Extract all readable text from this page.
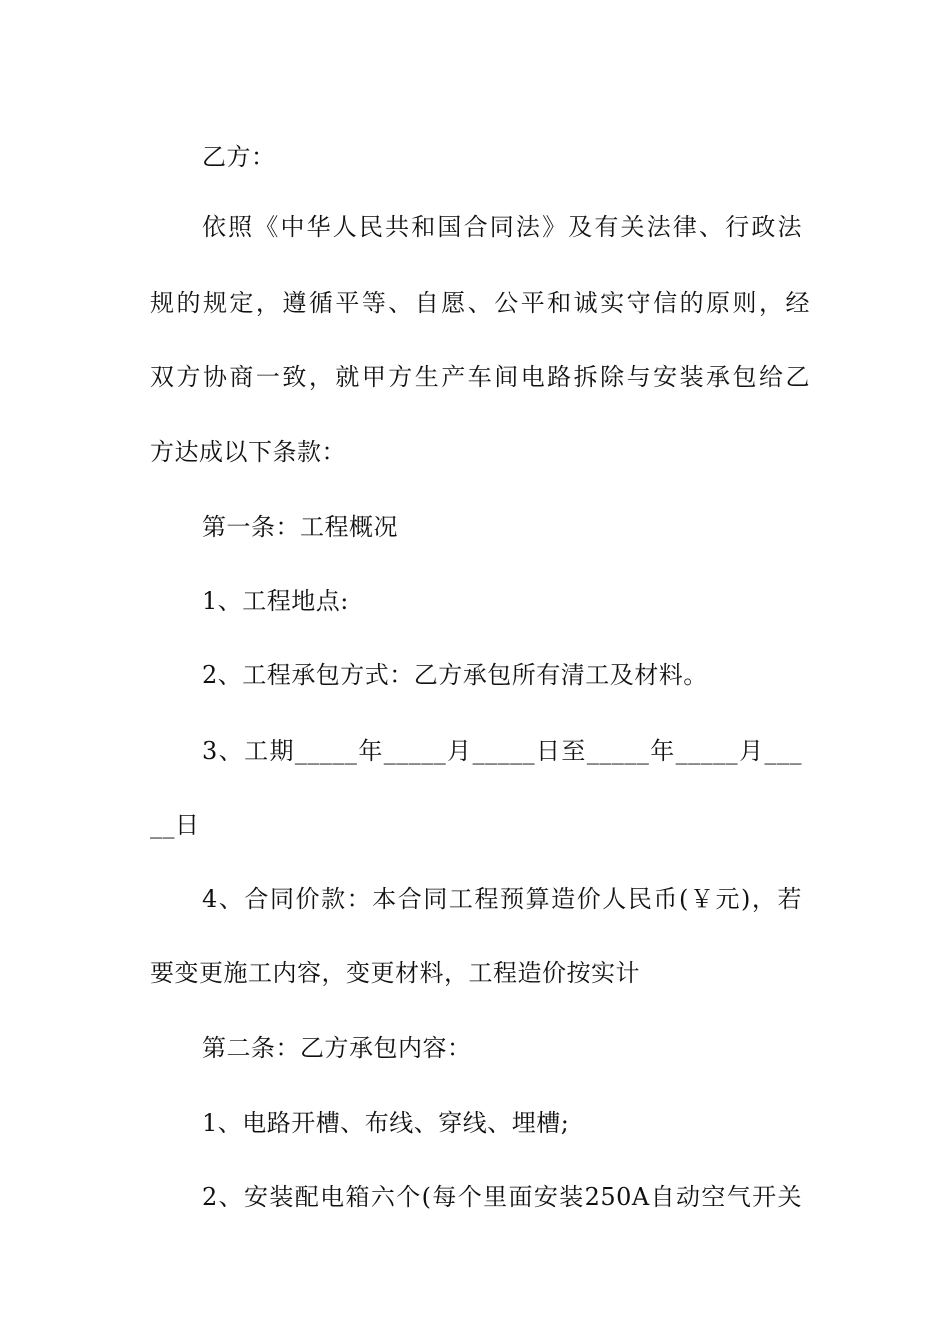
乙方：
依照《中华人民共和国合同法》及有关法律、行政法
规的规定，遵循平等、自愿、公平和诚实守信的原则，经
双方协商一致，就甲方生产车间电路拆除与安装承包给乙
方达成以下条款：
第一条：工程概况
1、工程地点:
2、工程承包方式：乙方承包所有清工及材料。
3、工期_____年_____月_____日至_____年_____月___
__日
4、合同价款：本合同工程预算造价人民币(￥元)，若
要变更施工内容，变更材料，工程造价按实计
第二条：乙方承包内容：
1、电路开槽、布线、穿线、埋槽;
2、安装配电箱六个(每个里面安装250A自动空气开关
